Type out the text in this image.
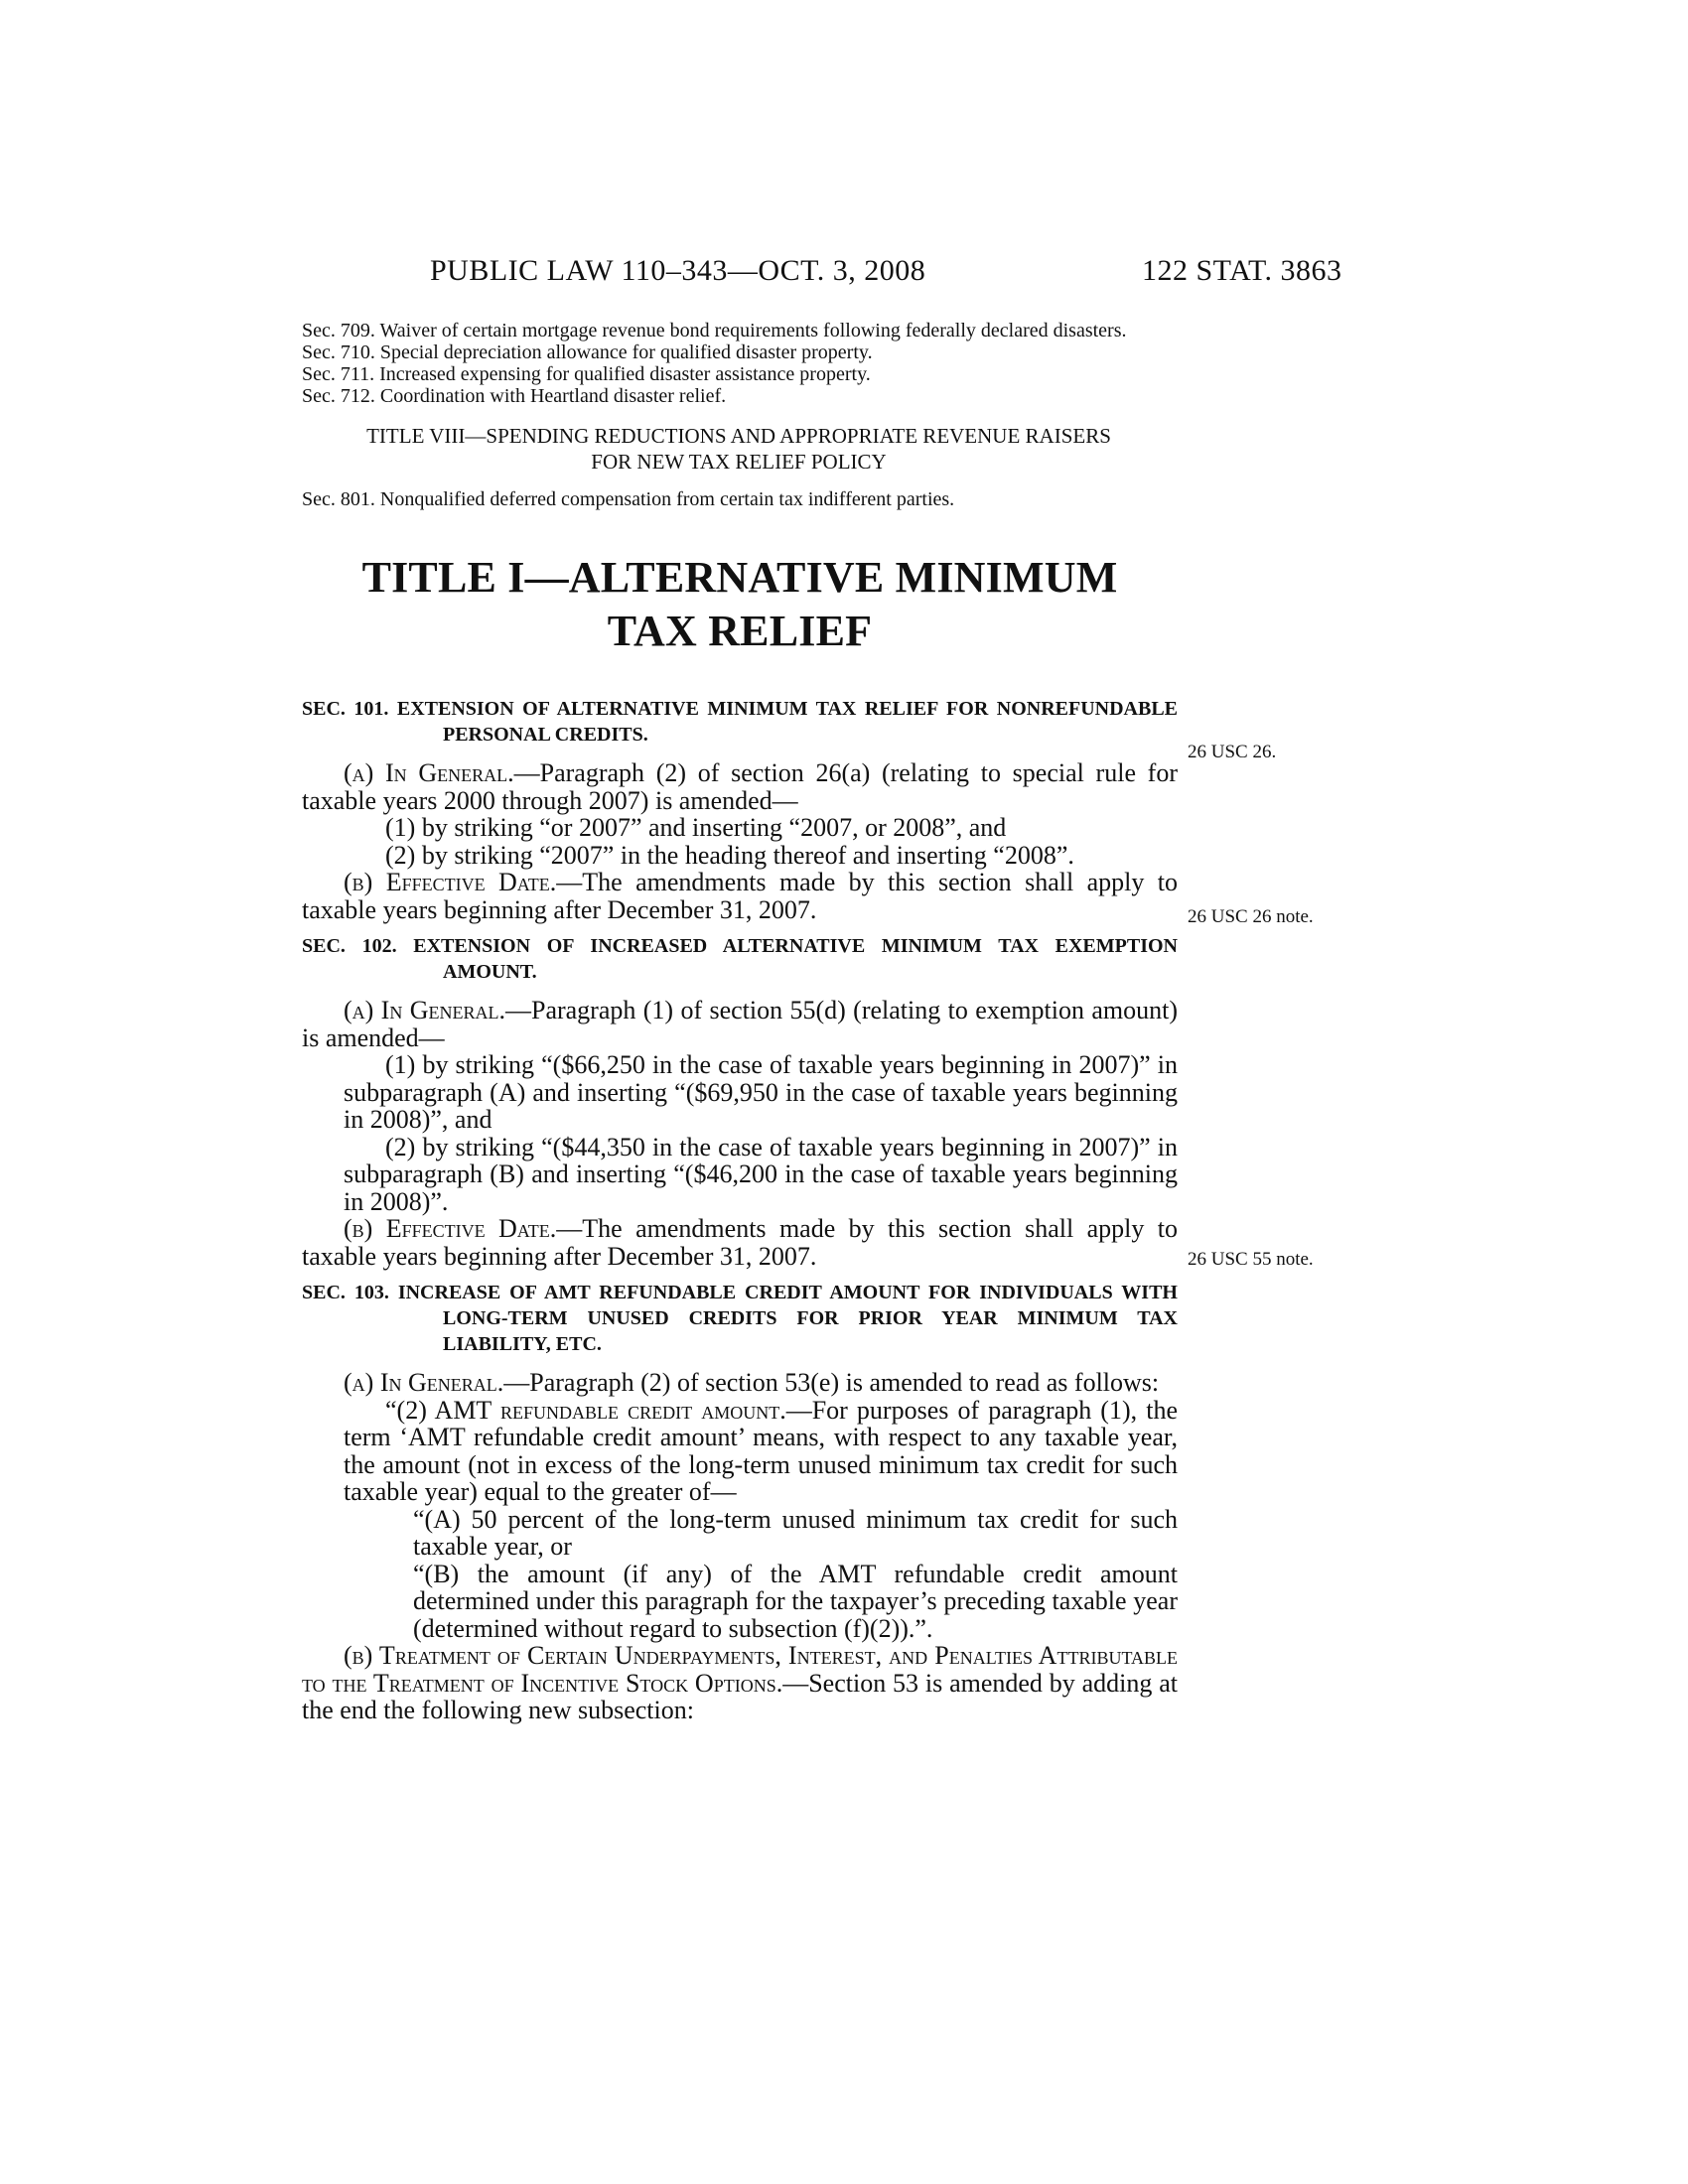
PUBLIC LAW 110–343—OCT. 3, 2008	122 STAT. 3863

Sec. 709. Waiver of certain mortgage revenue bond requirements following federally declared disasters.

Sec. 710. Special depreciation allowance for qualified disaster property.

Sec. 711. Increased expensing for qualified disaster assistance property.

Sec. 712. Coordination with Heartland disaster relief.

TITLE VIII—SPENDING REDUCTIONS AND APPROPRIATE REVENUE RAISERS FOR NEW TAX RELIEF POLICY

Sec. 801. Nonqualified deferred compensation from certain tax indifferent parties.

TITLE I—ALTERNATIVE MINIMUM TAX RELIEF
SEC. 101. EXTENSION OF ALTERNATIVE MINIMUM TAX RELIEF FOR NONREFUNDABLE PERSONAL CREDITS.

(a) In General.—Paragraph (2) of section 26(a) (relating to special rule for taxable years 2000 through 2007) is amended—

(1) by striking “or 2007” and inserting “2007, or 2008”, and

(2) by striking “2007” in the heading thereof and inserting “2008”.

(b) Effective Date.—The amendments made by this section shall apply to taxable years beginning after December 31, 2007.

SEC. 102. EXTENSION OF INCREASED ALTERNATIVE MINIMUM TAX EXEMPTION AMOUNT.

(a) In General.—Paragraph (1) of section 55(d) (relating to exemption amount) is amended—

(1) by striking “($66,250 in the case of taxable years beginning in 2007)” in subparagraph (A) and inserting “($69,950 in the case of taxable years beginning in 2008)”, and

(2) by striking “($44,350 in the case of taxable years beginning in 2007)” in subparagraph (B) and inserting “($46,200 in the case of taxable years beginning in 2008)”.

(b) Effective Date.—The amendments made by this section shall apply to taxable years beginning after December 31, 2007.

SEC. 103. INCREASE OF AMT REFUNDABLE CREDIT AMOUNT FOR INDIVIDUALS WITH LONG-TERM UNUSED CREDITS FOR PRIOR YEAR MINIMUM TAX LIABILITY, ETC.

(a) In General.—Paragraph (2) of section 53(e) is amended to read as follows:

“(2) AMT refundable credit amount.—For purposes of paragraph (1), the term ‘AMT refundable credit amount’ means, with respect to any taxable year, the amount (not in excess of the long-term unused minimum tax credit for such taxable year) equal to the greater of—

“(A) 50 percent of the long-term unused minimum tax credit for such taxable year, or

“(B) the amount (if any) of the AMT refundable credit amount determined under this paragraph for the taxpayer’s preceding taxable year (determined without regard to subsection (f)(2)).”.

(b) Treatment of Certain Underpayments, Interest, and Penalties Attributable to the Treatment of Incentive Stock Options.—Section 53 is amended by adding at the end the following new subsection:

26 USC 26.
26 USC 26 note.
26 USC 55 note.
